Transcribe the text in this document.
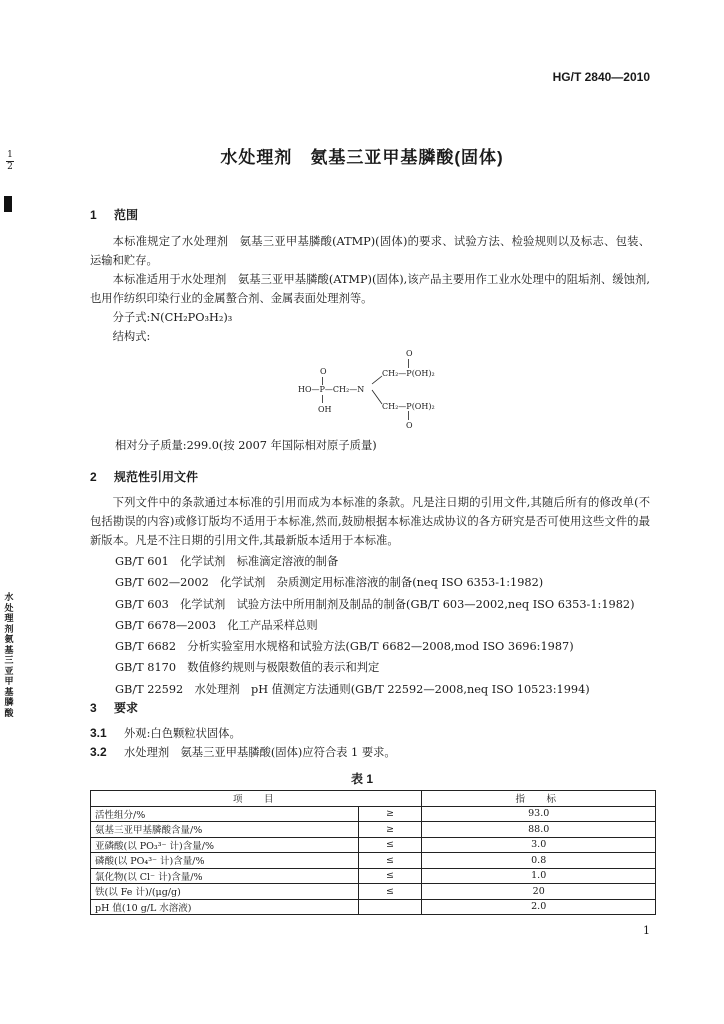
HG/T 2840—2010
1
2
水处理剂 氨基三亚甲基膦酸
水处理剂　氨基三亚甲基膦酸(固体)
1 范围

本标准规定了水处理剂　氨基三亚甲基膦酸(ATMP)(固体)的要求、试验方法、检验规则以及标志、包装、运输和贮存。

本标准适用于水处理剂　氨基三亚甲基膦酸(ATMP)(固体),该产品主要用作工业水处理中的阻垢剂、缓蚀剂,也用作纺织印染行业的金属螯合剂、金属表面处理剂等。

分子式:N(CH₂PO₃H₂)₃

结构式:

O
O	CH₂—P(OH)₂
HO—P—CH₂—N
OH	CH₂—P(OH)₂
O
相对分子质量:299.0(按 2007 年国际相对原子质量)
2 规范性引用文件

下列文件中的条款通过本标准的引用而成为本标准的条款。凡是注日期的引用文件,其随后所有的修改单(不包括勘误的内容)或修订版均不适用于本标准,然而,鼓励根据本标准达成协议的各方研究是否可使用这些文件的最新版本。凡是不注日期的引用文件,其最新版本适用于本标准。

GB/T 601　化学试剂　标准滴定溶液的制备
GB/T 602—2002　化学试剂　杂质测定用标准溶液的制备(neq ISO 6353-1:1982)
GB/T 603　化学试剂　试验方法中所用制剂及制品的制备(GB/T 603—2002,neq ISO 6353-1:1982)
GB/T 6678—2003　化工产品采样总则
GB/T 6682　分析实验室用水规格和试验方法(GB/T 6682—2008,mod ISO 3696:1987)
GB/T 8170　数值修约规则与极限数值的表示和判定
GB/T 22592　水处理剂　pH 值测定方法通则(GB/T 22592—2008,neq ISO 10523:1994)
3 要求
3.1 外观:白色颗粒状固体。
3.2 水处理剂　氨基三亚甲基膦酸(固体)应符合表 1 要求。
表 1
项　目		指　标
活性组分/%	≥	93.0
氨基三亚甲基膦酸含量/%	≥	88.0
亚磷酸(以 PO₃³⁻ 计)含量/%	≤	3.0
磷酸(以 PO₄³⁻ 计)含量/%	≤	0.8
氯化物(以 Cl⁻ 计)含量/%	≤	1.0
铁(以 Fe 计)/(μg/g)	≤	20
pH 值(10 g/L 水溶液)		2.0
1
